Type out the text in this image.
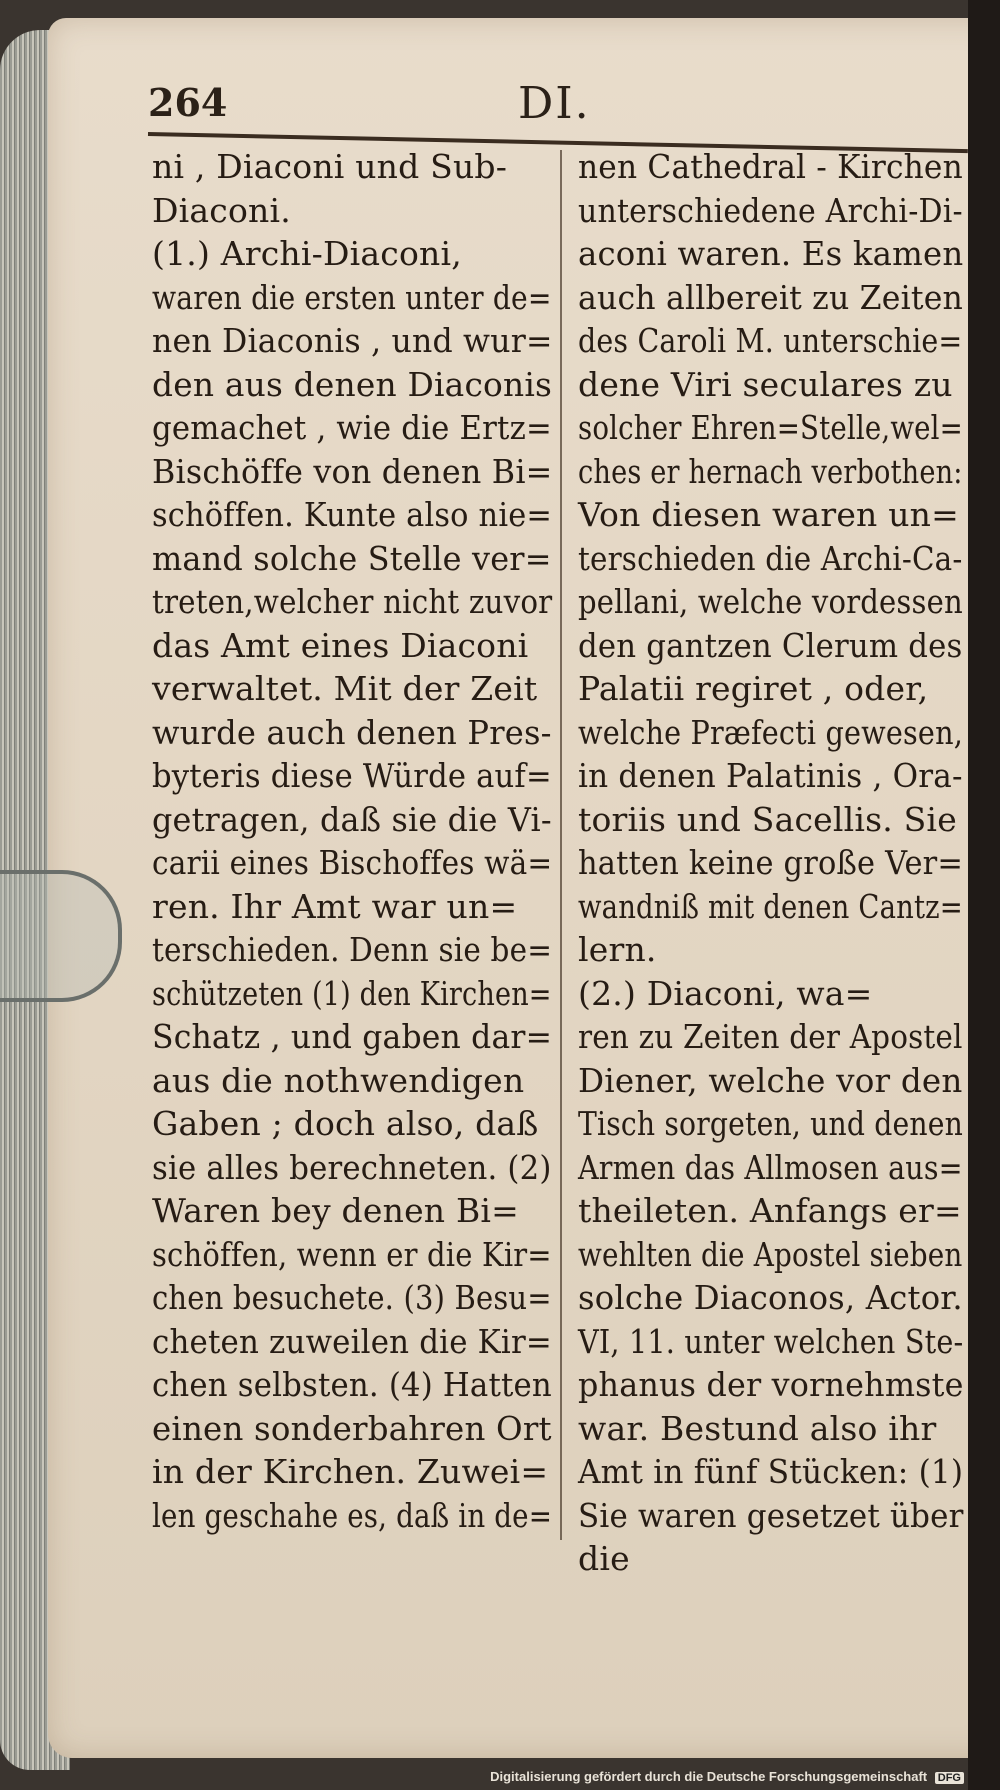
264	DI.
ni , Diaconi und Sub-
Diaconi.
(1.) Archi-Diaconi,
waren die ersten unter de=
nen Diaconis , und wur=
den aus denen Diaconis
gemachet , wie die Ertz=
Bischöffe von denen Bi=
schöffen. Kunte also nie=
mand solche Stelle ver=
treten,welcher nicht zuvor
das Amt eines Diaconi
verwaltet. Mit der Zeit
wurde auch denen Pres-
byteris diese Würde auf=
getragen, daß sie die Vi-
carii eines Bischoffes wä=
ren. Ihr Amt war un=
terschieden. Denn sie be=
schützeten (1) den Kirchen=
Schatz , und gaben dar=
aus die nothwendigen
Gaben ; doch also, daß
sie alles berechneten. (2)
Waren bey denen Bi=
schöffen, wenn er die Kir=
chen besuchete. (3) Besu=
cheten zuweilen die Kir=
chen selbsten. (4) Hatten
einen sonderbahren Ort
in der Kirchen. Zuwei=
len geschahe es, daß in de=
nen Cathedral - Kirchen
unterschiedene Archi-Di-
aconi waren. Es kamen
auch allbereit zu Zeiten
des Caroli M. unterschie=
dene Viri seculares zu
solcher Ehren=Stelle,wel=
ches er hernach verbothen:
Von diesen waren un=
terschieden die Archi-Ca-
pellani, welche vordessen
den gantzen Clerum des
Palatii regiret , oder,
welche Præfecti gewesen,
in denen Palatinis , Ora-
toriis und Sacellis. Sie
hatten keine große Ver=
wandniß mit denen Cantz=
lern.
(2.) Diaconi, wa=
ren zu Zeiten der Apostel
Diener, welche vor den
Tisch sorgeten, und denen
Armen das Allmosen aus=
theileten. Anfangs er=
wehlten die Apostel sieben
solche Diaconos, Actor.
VI, 11. unter welchen Ste-
phanus der vornehmste
war. Bestund also ihr
Amt in fünf Stücken: (1)
Sie waren gesetzet über
die
Digitalisierung gefördert durch die Deutsche Forschungsgemeinschaft DFG
